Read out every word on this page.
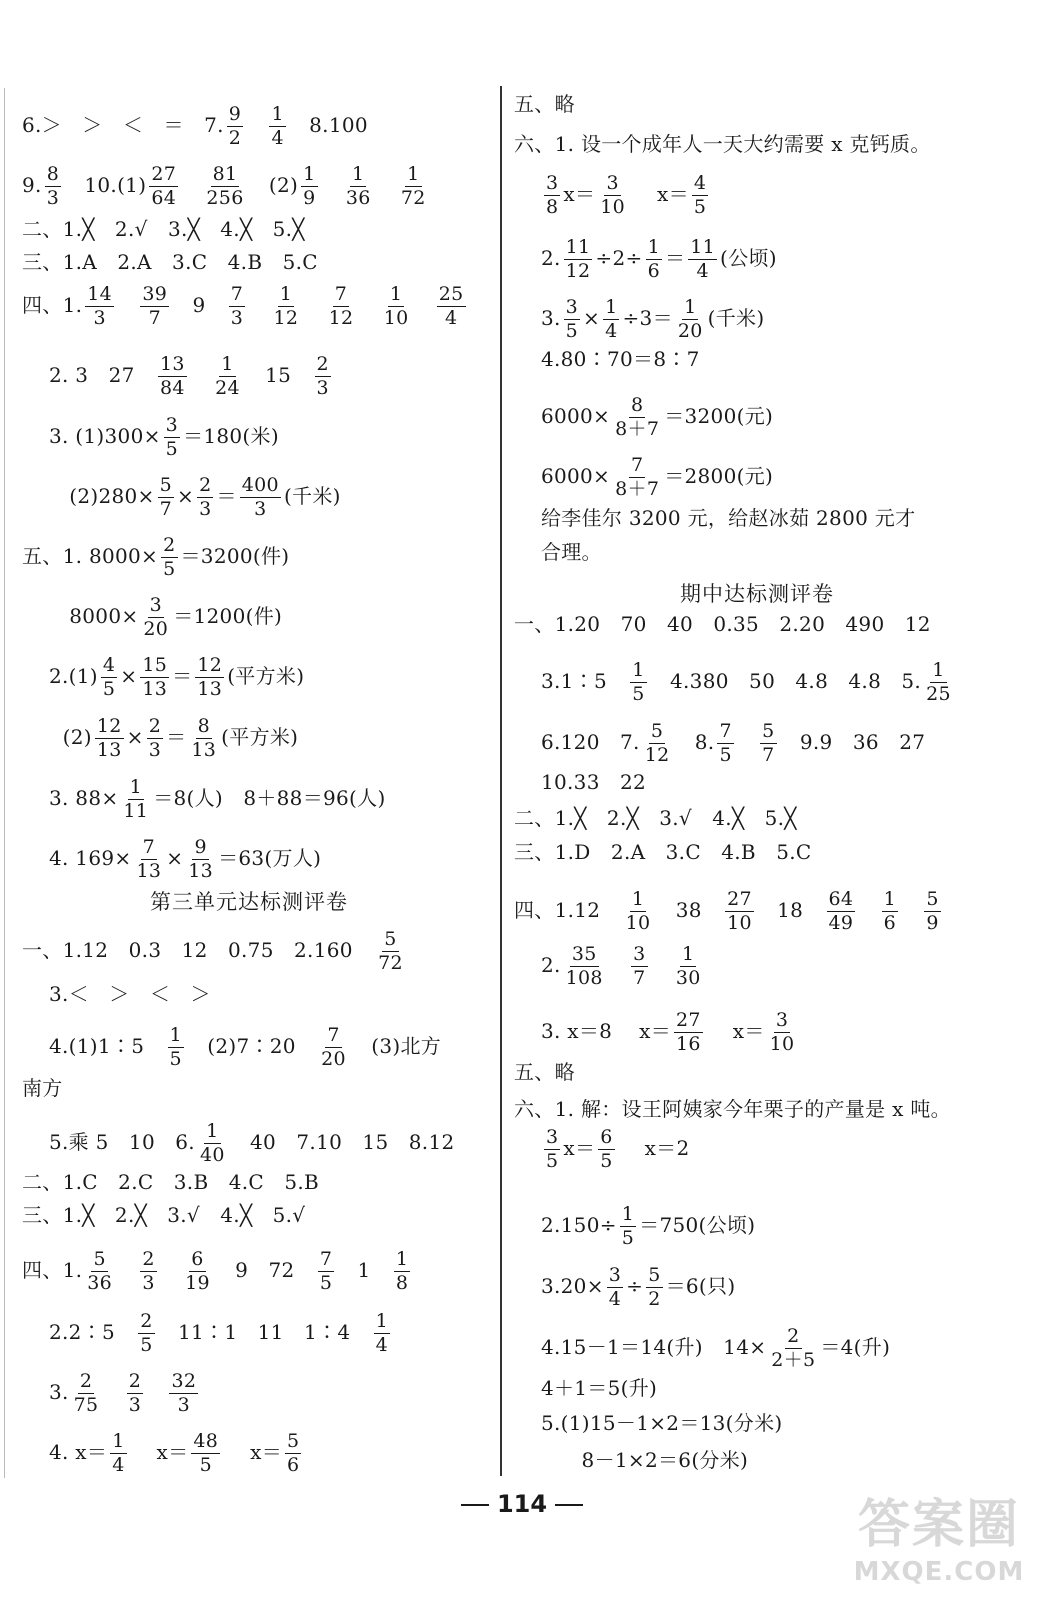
6.＞　＞　＜　＝　7. $\frac{9}{2}$
　 $\frac{1}{4}$ 　8.100
9. $\frac{8}{3}$ 　$10.(1) \frac{27}{64}$
　 $\frac{81}{256}$ 　$(2) \frac{1}{9}$
　 $\frac{1}{36}$
　 $\frac{1}{72}$
二、1.╳　2.√　3.╳　4.╳　5.╳
三、1.A　2.A　3.C　4.B　5.C
四、1. $\frac{14}{3}$
　 $\frac{39}{7}$ 　9　 $\frac{7}{3}$
　 $\frac{1}{12}$
　 $\frac{7}{12}$
　 $\frac{1}{10}$
　 $\frac{25}{4}$
　 2. 3　27　 $\frac{13}{84}$
　 $\frac{1}{24}$ 　15　 $\frac{2}{3}$
　 3. $(1)300\times \frac{3}{5} =180$(米)
　　 $(2)280\times \frac{5}{7} \times \frac{2}{3} = \frac{400}{3}$ (千米)
五、1. $8000\times \frac{2}{5} =3200$(件)
　　 $8000\times \frac{3}{20} =1200$(件)
　 $2.(1) \frac{4}{5} \times \frac{15}{13} = \frac{12}{13}$ (平方米)
　　$(2) \frac{12}{13} \times \frac{2}{3} = \frac{8}{13}$ (平方米)
　 3. $88\times \frac{1}{11} =8$(人)　8＋88＝96(人)
　 4. $169\times \frac{7}{13} \times \frac{9}{13} =63$(万人)
一、1.12　0.3　12　0.75　2.160　 $\frac{5}{72}$
　 3.＜　＞　＜　＞
　 4.(1)1∶5　 $\frac{1}{5}$ 　(2)7∶20　 $\frac{7}{20}$ 　(3)北方
南方
　 5.乘 5　10　6. $\frac{1}{40}$ 　40　7.10　15　8.12
二、1.C　2.C　3.B　4.C　5.B
三、1.╳　2.╳　3.√　4.╳　5.√
四、1. $\frac{5}{36}$
　 $\frac{2}{3}$
　 $\frac{6}{19}$ 　9　72　 $\frac{7}{5}$ 　1　 $\frac{1}{8}$
　 2.2∶5　 $\frac{2}{5}$ 　11∶1　11　1∶4　 $\frac{1}{4}$
　 3. $\frac{2}{75}$
　 $\frac{2}{3}$
　 $\frac{32}{3}$
　 4. $x= \frac{1}{4}$ 　 $x= \frac{48}{5}$ 　 $x= \frac{5}{6}$
五、略
六、1. 设一个成年人一天大约需要 x 克钙质。

$\frac{3}{8} x= \frac{3}{10}$ 　 $x= \frac{4}{5}$
　 2. $\frac{11}{12} \div 2\div \frac{1}{6} = \frac{11}{4}$ (公顷)
　 3. $\frac{3}{5} \times \frac{1}{4} \div 3= \frac{1}{20}$ (千米)
　 4.80∶70＝8∶7
　 $6000\times \frac{8}{8+7} =3200$(元)
　 $6000\times \frac{7}{8+7} =2800$(元)
　 给李佳尔 3200 元，给赵冰茹 2800 元才
　 合理。
一、1.20　70　40　0.35　2.20　490　12
　 3.1∶5　 $\frac{1}{5}$ 　4.380　50　4.8　4.8　5. $\frac{1}{25}$
　 6.120　7. $\frac{5}{12}$ 　8. $\frac{7}{5}$
　 $\frac{5}{7}$ 　9.9　36　27
　 10.33　22
二、1.╳　2.╳　3.√　4.╳　5.╳
三、1.D　2.A　3.C　4.B　5.C
四、1.12　 $\frac{1}{10}$ 　38　 $\frac{27}{10}$ 　18　 $\frac{64}{49}$
　 $\frac{1}{6}$
　 $\frac{5}{9}$
　 2. $\frac{35}{108}$
　 $\frac{3}{7}$
　 $\frac{1}{30}$
　 3. x＝8　 $x= \frac{27}{16}$ 　 $x= \frac{3}{10}$
五、略
六、1. 解：设王阿姨家今年栗子的产量是 x 吨。

$\frac{3}{5} x= \frac{6}{5}$ 　 x＝2
　 $2.150\div \frac{1}{5} =750$(公顷)
　 $3.20\times \frac{3}{4} \div \frac{5}{2} =6$(只)
　 4.15－1＝14(升)　$14\times \frac{2}{2+5} =4$(升)
　 4＋1＝5(升)
　 5.(1)15－1×2＝13(分米)
　　　 8－1×2＝6(分米)
第三单元达标测评卷
期中达标测评卷
114	答案圈
MXQE.COM
